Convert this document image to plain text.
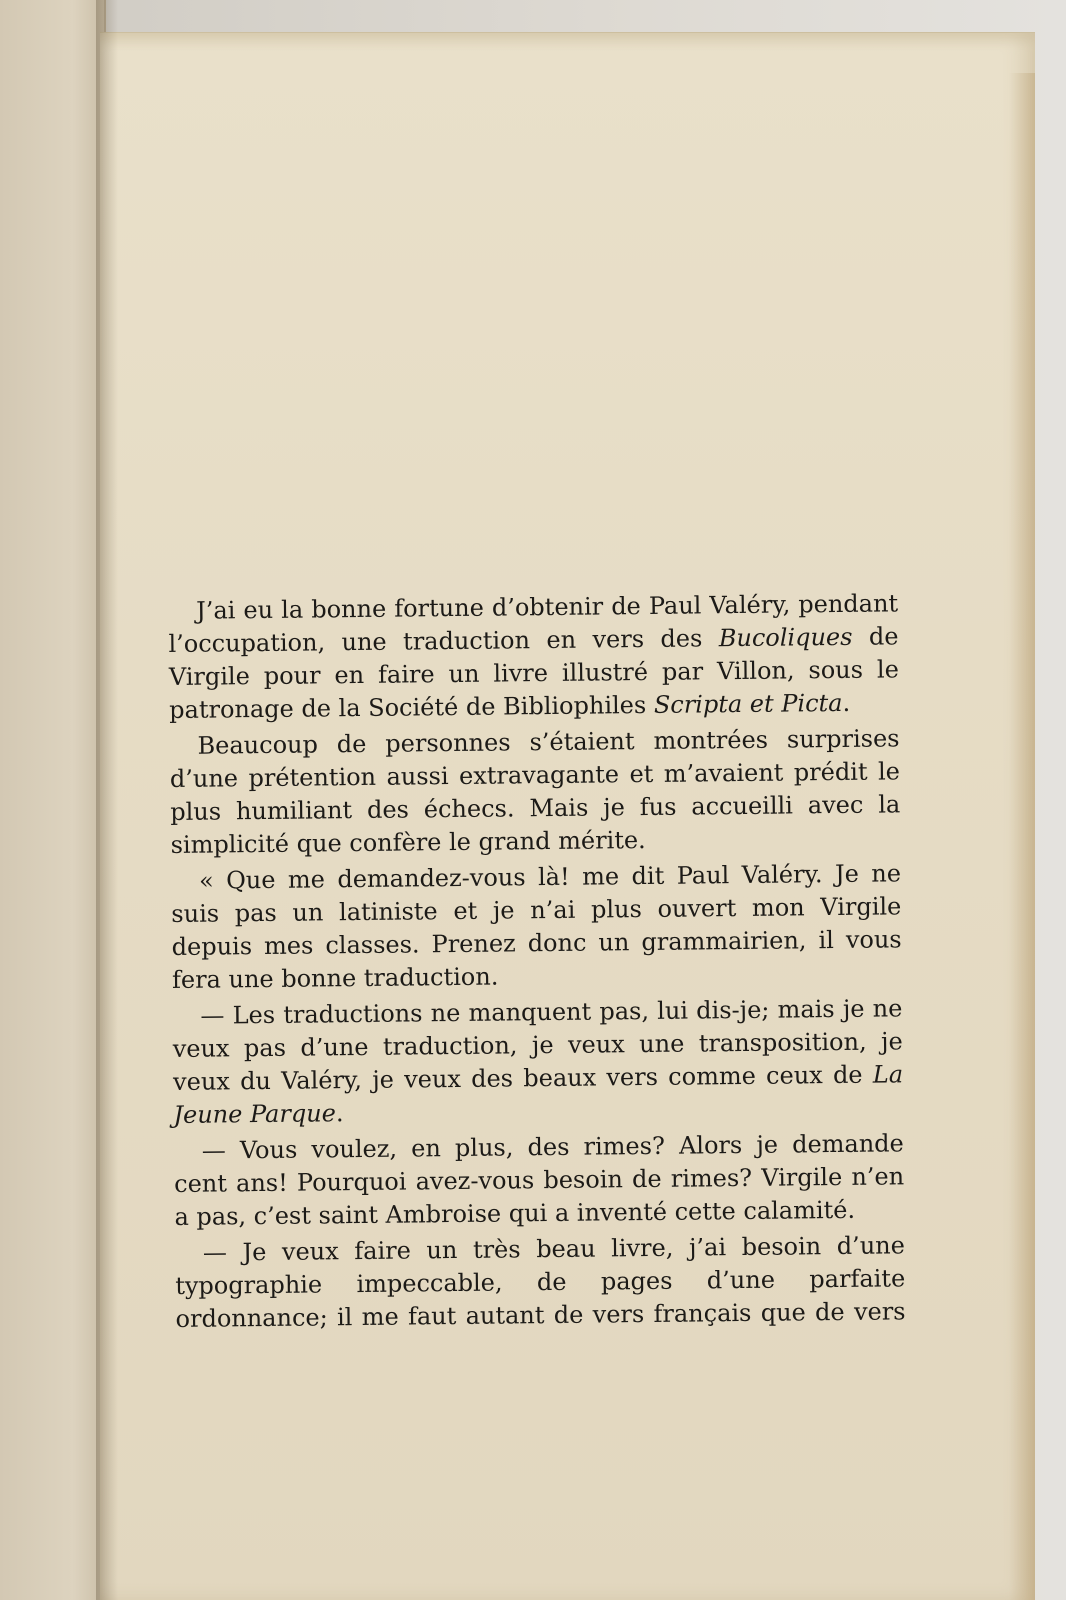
J’ai eu la bonne fortune d’obtenir de Paul Valéry, pendant l’occupation, une traduction en vers des Bucoliques de Virgile pour en faire un livre illustré par Villon, sous le patronage de la Société de Bibliophiles Scripta et Picta.

Beaucoup de personnes s’étaient montrées surprises d’une prétention aussi extravagante et m’avaient prédit le plus humiliant des échecs. Mais je fus accueilli avec la simplicité que confère le grand mérite.

« Que me demandez-vous là! me dit Paul Valéry. Je ne suis pas un latiniste et je n’ai plus ouvert mon Virgile depuis mes classes. Prenez donc un grammairien, il vous fera une bonne traduction.

— Les traductions ne manquent pas, lui dis-je; mais je ne veux pas d’une traduction, je veux une transposition, je veux du Valéry, je veux des beaux vers comme ceux de La Jeune Parque.

— Vous voulez, en plus, des rimes? Alors je demande cent ans! Pourquoi avez-vous besoin de rimes? Virgile n’en a pas, c’est saint Ambroise qui a inventé cette calamité.

— Je veux faire un très beau livre, j’ai besoin d’une typographie impeccable, de pages d’une parfaite ordonnance; il me faut autant de vers français que de vers
